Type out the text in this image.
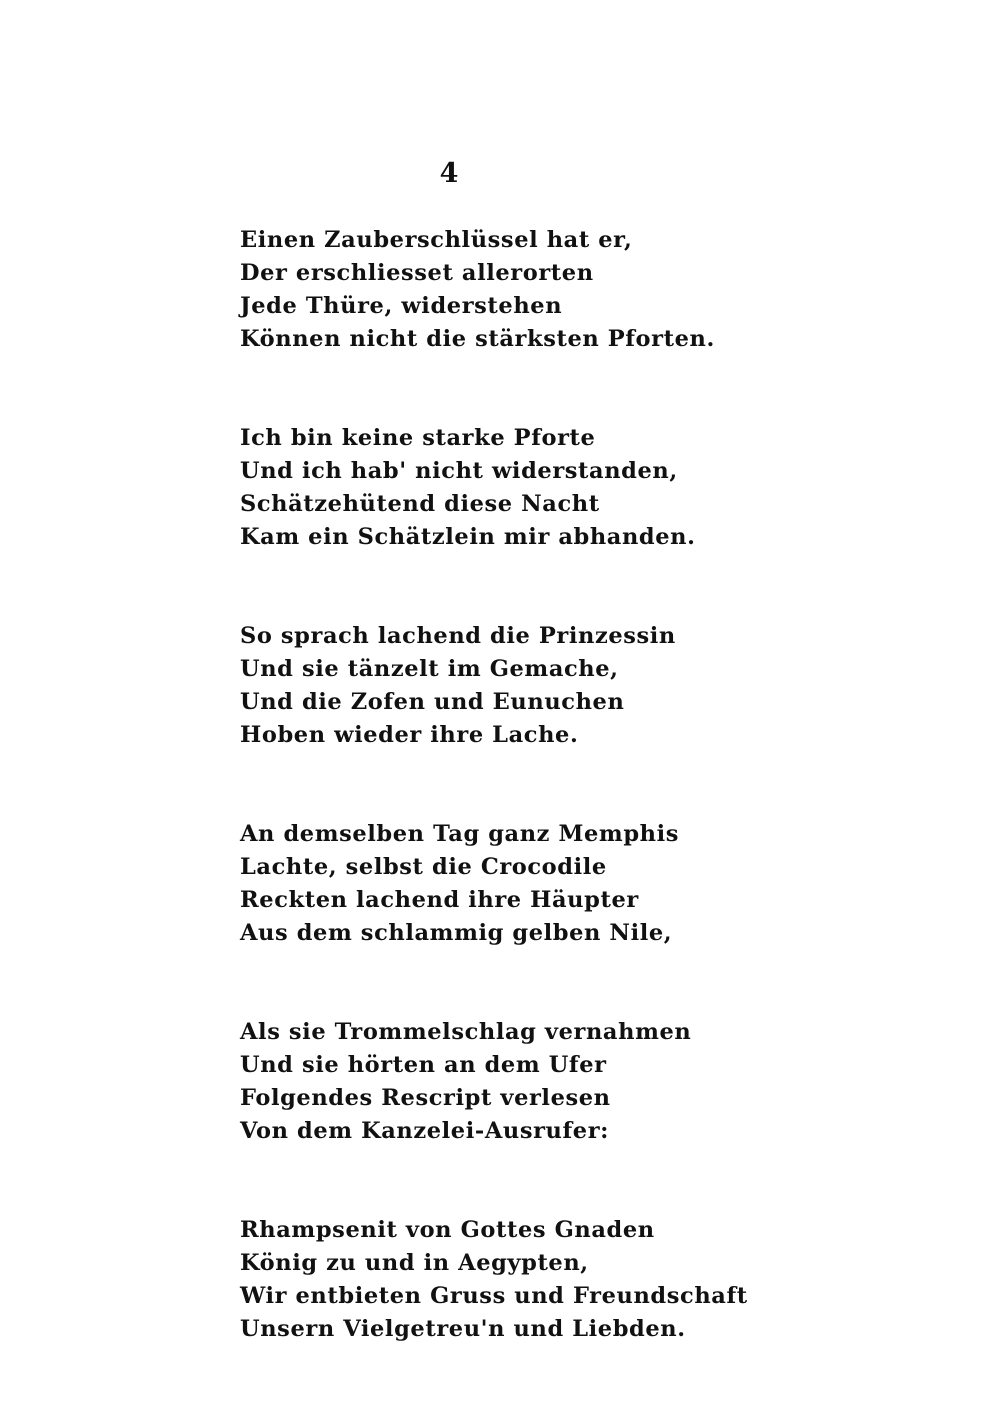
4
Einen Zauberschlüssel hat er,
Der erschliesset allerorten
Jede Thüre, widerstehen
Können nicht die stärksten Pforten.
Ich bin keine starke Pforte
Und ich hab' nicht widerstanden,
Schätzehütend diese Nacht
Kam ein Schätzlein mir abhanden.
So sprach lachend die Prinzessin
Und sie tänzelt im Gemache,
Und die Zofen und Eunuchen
Hoben wieder ihre Lache.
An demselben Tag ganz Memphis
Lachte, selbst die Crocodile
Reckten lachend ihre Häupter
Aus dem schlammig gelben Nile,
Als sie Trommelschlag vernahmen
Und sie hörten an dem Ufer
Folgendes Rescript verlesen
Von dem Kanzelei-Ausrufer:
Rhampsenit von Gottes Gnaden
König zu und in Aegypten,
Wir entbieten Gruss und Freundschaft
Unsern Vielgetreu'n und Liebden.
